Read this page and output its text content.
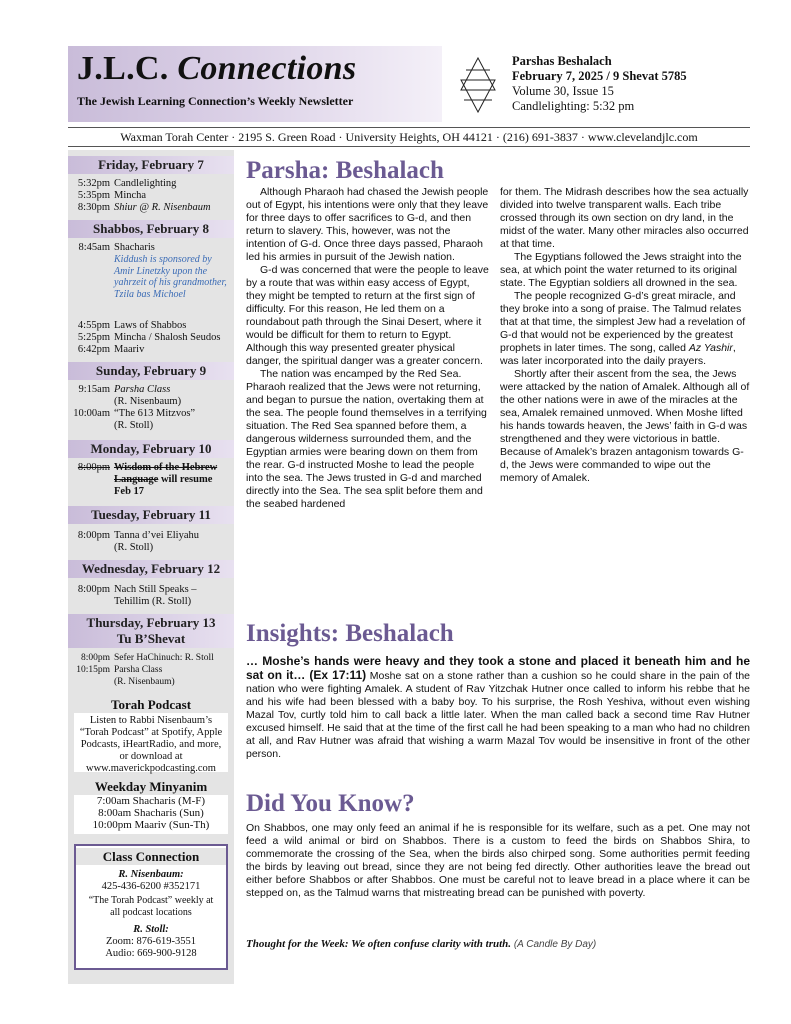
J.L.C. Connections
The Jewish Learning Connection’s Weekly Newsletter
Parshas Beshalach
February 7, 2025 / 9 Shevat 5785
Volume 30, Issue 15
Candlelighting: 5:32 pm
Waxman Torah Center · 2195 S. Green Road · University Heights, OH 44121 · (216) 691-3837 · www.clevelandjlc.com
Friday, February 7
5:32pm Candlelighting
5:35pm Mincha
8:30pm Shiur @ R. Nisenbaum
Shabbos, February 8
8:45am Shacharis
Kiddush is sponsored by Amir Linetzky upon the yahrzeit of his grandmother, Tzila bas Michoel
4:55pm Laws of Shabbos
5:25pm Mincha / Shalosh Seudos
6:42pm Maariv
Sunday, February 9
9:15am Parsha Class
(R. Nisenbaum)
10:00am “The 613 Mitzvos”
(R. Stoll)
Monday, February 10
8:00pm Wisdom of the Hebrew
Language will resume
Feb 17
Tuesday, February 11
8:00pm Tanna d’vei Eliyahu
(R. Stoll)
Wednesday, February 12
8:00pm Nach Still Speaks –
Tehillim (R. Stoll)
Thursday, February 13
Tu B’Shevat
8:00pm Sefer HaChinuch: R. Stoll
10:15pm Parsha Class
(R. Nisenbaum)
Torah Podcast
Listen to Rabbi Nisenbaum’s “Torah Podcast” at Spotify, Apple Podcasts, iHeartRadio, and more, or download at www.maverickpodcasting.com
Weekday Minyanim
7:00am Shacharis (M-F)
8:00am Shacharis (Sun)
10:00pm Maariv (Sun-Th)
Class Connection
R. Nisenbaum:
425-436-6200 #352171
“The Torah Podcast” weekly at all podcast locations
R. Stoll:
Zoom: 876-619-3551
Audio: 669-900-9128
Parsha: Beshalach

Although Pharaoh had chased the Jewish people out of Egypt, his intentions were only that they leave for three days to offer sacrifices to G-d, and then return to slavery. This, however, was not the intention of G-d. Once three days passed, Pharaoh led his armies in pursuit of the Jewish nation.

G-d was concerned that were the people to leave by a route that was within easy access of Egypt, they might be tempted to return at the first sign of difficulty. For this reason, He led them on a roundabout path through the Sinai Desert, where it would be difficult for them to return to Egypt. Although this way presented greater physical danger, the spiritual danger was a greater concern.

The nation was encamped by the Red Sea. Pharaoh realized that the Jews were not returning, and began to pursue the nation, overtaking them at the sea. The people found themselves in a terrifying situation. The Red Sea spanned before them, a dangerous wilderness surrounded them, and the Egyptian armies were bearing down on them from the rear. G-d instructed Moshe to lead the people into the sea. The Jews trusted in G-d and marched directly into the Sea. The sea split before them and the seabed hardened

for them. The Midrash describes how the sea actually divided into twelve transparent walls. Each tribe crossed through its own section on dry land, in the midst of the water. Many other miracles also occurred at that time.

The Egyptians followed the Jews straight into the sea, at which point the water returned to its original state. The Egyptian soldiers all drowned in the sea.

The people recognized G-d’s great miracle, and they broke into a song of praise. The Talmud relates that at that time, the simplest Jew had a revelation of G-d that would not be experienced by the greatest prophets in later times. The song, called Az Yashir, was later incorporated into the daily prayers.

Shortly after their ascent from the sea, the Jews were attacked by the nation of Amalek. Although all of the other nations were in awe of the miracles at the sea, Amalek remained unmoved. When Moshe lifted his hands towards heaven, the Jews’ faith in G-d was strengthened and they were victorious in battle. Because of Amalek’s brazen antagonism towards G-d, the Jews were commanded to wipe out the memory of Amalek.

Insights: Beshalach
… Moshe’s hands were heavy and they took a stone and placed it beneath him and he sat on it… (Ex 17:11) Moshe sat on a stone rather than a cushion so he could share in the pain of the nation who were fighting Amalek. A student of Rav Yitzchak Hutner once called to inform his rebbe that he and his wife had been blessed with a baby boy. To his surprise, the Rosh Yeshiva, without even wishing Mazal Tov, curtly told him to call back a little later. When the man called back a second time Rav Hutner excused himself. He said that at the time of the first call he had been speaking to a man who had no children at all, and Rav Hutner was afraid that wishing a warm Mazal Tov would be insensitive in front of the other person.
Did You Know?
On Shabbos, one may only feed an animal if he is responsible for its welfare, such as a pet. One may not feed a wild animal or bird on Shabbos. There is a custom to feed the birds on Shabbos Shira, to commemorate the crossing of the Sea, when the birds also chirped song. Some authorities permit feeding the birds by leaving out bread, since they are not being fed directly. Other authorities leave the bread out either before Shabbos or after Shabbos. One must be careful not to leave bread in a place where it can be stepped on, as the Talmud warns that mistreating bread can be punished with poverty.
Thought for the Week: We often confuse clarity with truth. (A Candle By Day)
